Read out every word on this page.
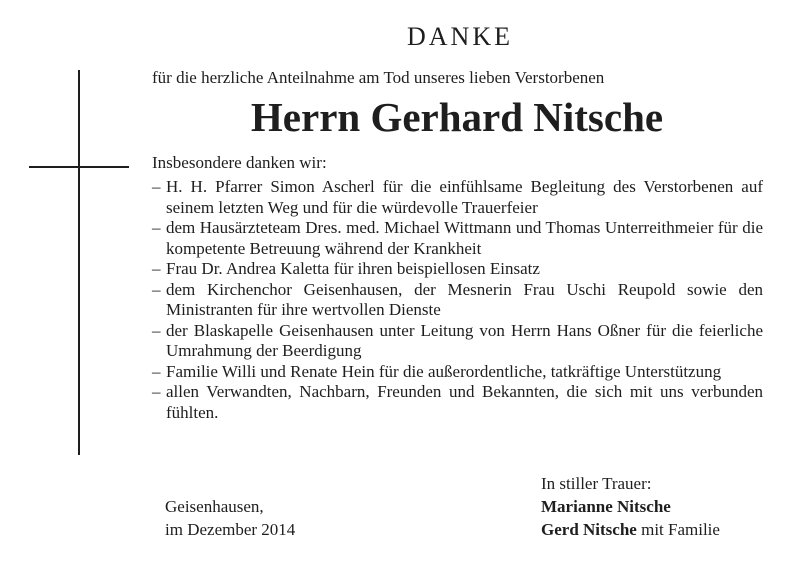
DANKE
für die herzliche Anteilnahme am Tod unseres lieben Verstorbenen
Herrn Gerhard Nitsche
Insbesondere danken wir:
– H. H. Pfarrer Simon Ascherl für die einfühlsame Begleitung des Verstorbenen auf seinem letzten Weg und für die würdevolle Trauerfeier
– dem Hausärzteteam Dres. med. Michael Wittmann und Thomas Unterreithmeier für die kompetente Betreuung während der Krankheit
– Frau Dr. Andrea Kaletta für ihren beispiellosen Einsatz
– dem Kirchenchor Geisenhausen, der Mesnerin Frau Uschi Reupold sowie den Ministranten für ihre wertvollen Dienste
– der Blaskapelle Geisenhausen unter Leitung von Herrn Hans Oßner für die feierliche Umrahmung der Beerdigung
– Familie Willi und Renate Hein für die außerordentliche, tatkräftige Unterstützung
– allen Verwandten, Nachbarn, Freunden und Bekannten, die sich mit uns verbunden fühlten.
In stiller Trauer:
Geisenhausen,
im Dezember 2014
Marianne Nitsche
Gerd Nitsche mit Familie
